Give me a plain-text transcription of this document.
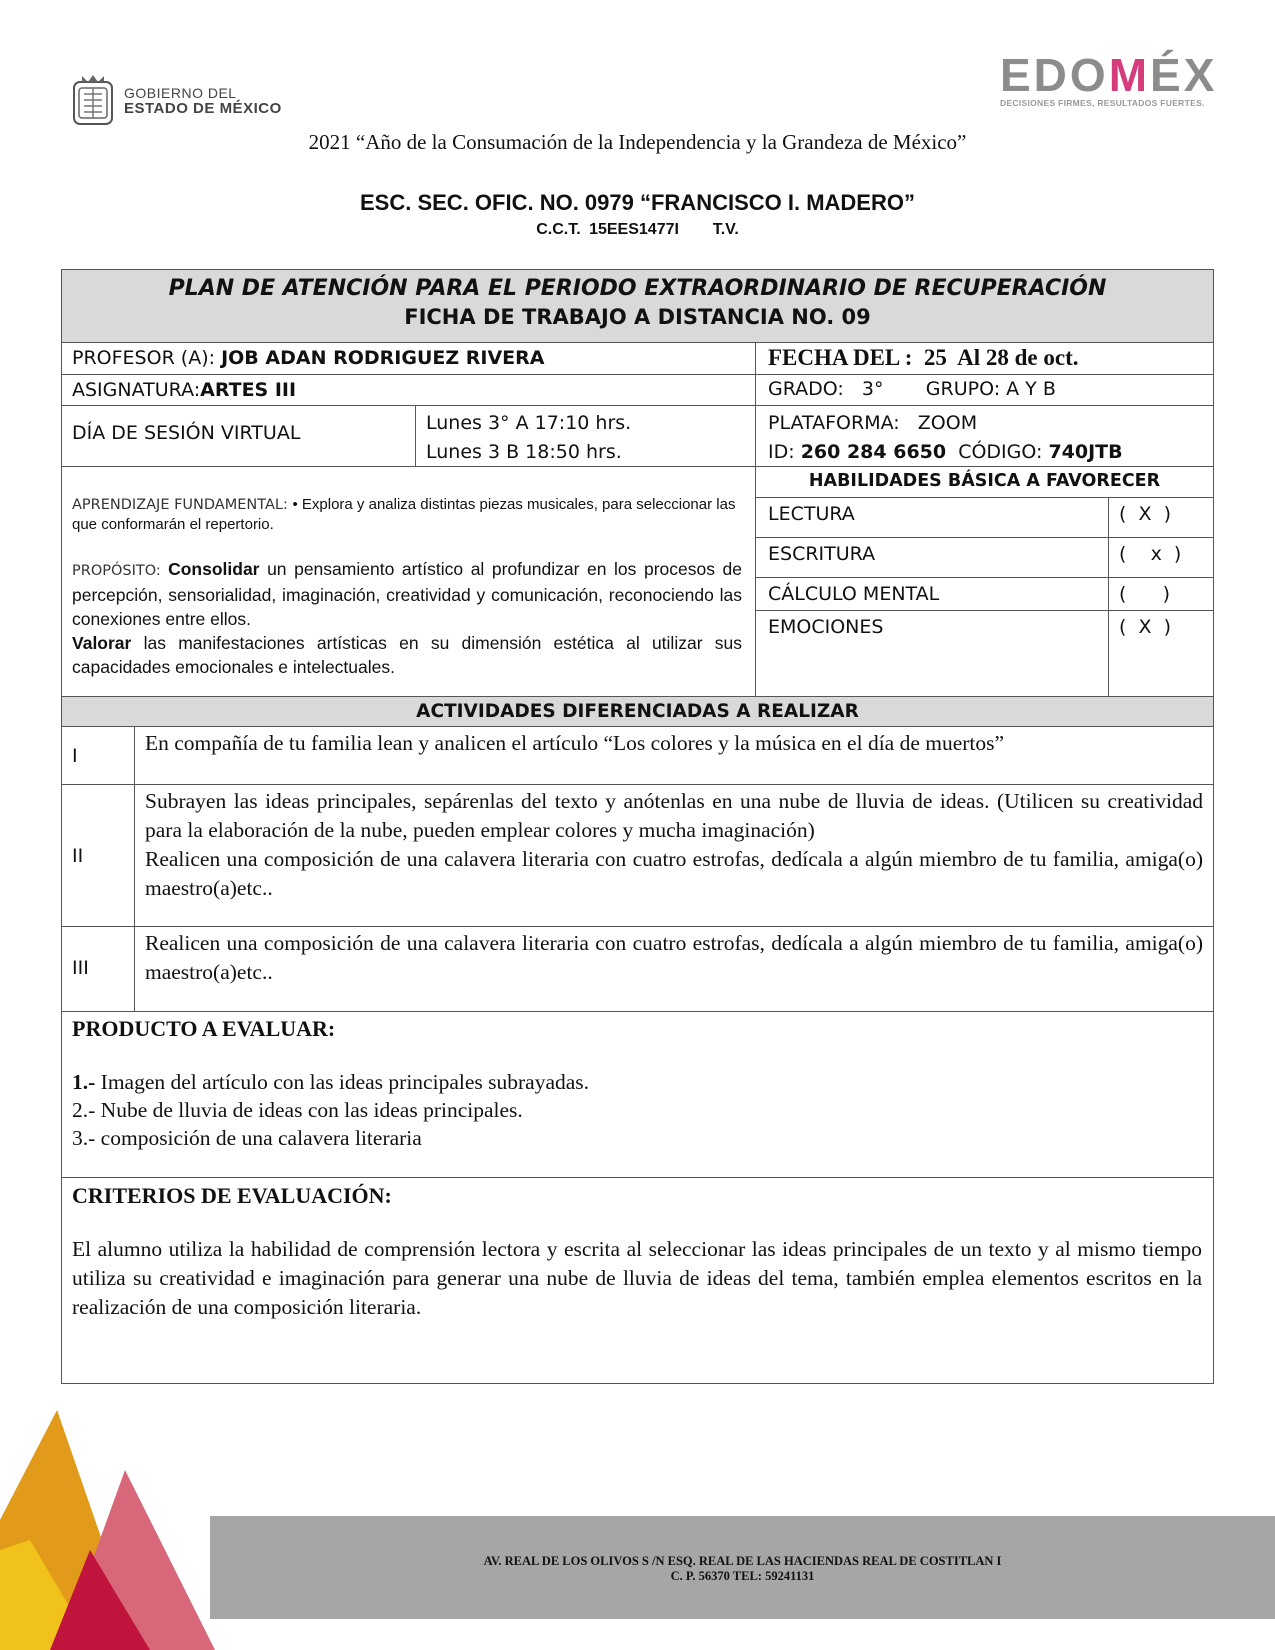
GOBIERNO DEL
ESTADO DE MÉXICO
EDOMÉX
DECISIONES FIRMES, RESULTADOS FUERTES.
2021 “Año de la Consumación de la Independencia y la Grandeza de México”
ESC. SEC. OFIC. NO. 0979 “FRANCISCO I. MADERO”
C.C.T. 15EES1477I    T.V.
PLAN DE ATENCIÓN PARA EL PERIODO EXTRAORDINARIO DE RECUPERACIÓN
FICHA DE TRABAJO A DISTANCIA NO. 09
PROFESOR (A): JOB ADAN RODRIGUEZ RIVERA	FECHA DEL :  25  Al 28 de oct.
ASIGNATURA:ARTES III	GRADO:   3°       GRUPO: A Y B
DÍA DE SESIÓN VIRTUAL	Lunes 3° A 17:10 hrs.
Lunes 3 B 18:50 hrs.
PLATAFORMA:   ZOOM
ID: 260 284 6650  CÓDIGO: 740JTB
APRENDIZAJE FUNDAMENTAL: • Explora y analiza distintas piezas musicales, para seleccionar las que conformarán el repertorio.
PROPÓSITO: Consolidar un pensamiento artístico al profundizar en los procesos de percepción, sensorialidad, imaginación, creatividad y comunicación, reconociendo las conexiones entre ellos.
Valorar las manifestaciones artísticas en su dimensión estética al utilizar sus capacidades emocionales e intelectuales.
HABILIDADES BÁSICA A FAVORECER
LECTURA	(  X  )
ESCRITURA	(    x  )
CÁLCULO MENTAL	(      )
EMOCIONES	(  X  )
ACTIVIDADES DIFERENCIADAS A REALIZAR
I
En compañía de tu familia lean y analicen el artículo “Los colores y la música en el día de muertos”
II
Subrayen las ideas principales, sepárenlas del texto y anótenlas en una nube de lluvia de ideas. (Utilicen su creatividad para la elaboración de la nube, pueden emplear colores y mucha imaginación)
Realicen una composición de una calavera literaria con cuatro estrofas, dedícala a algún miembro de tu familia, amiga(o) maestro(a)etc..
III
Realicen una composición de una calavera literaria con cuatro estrofas, dedícala a algún miembro de tu familia, amiga(o) maestro(a)etc..
PRODUCTO A EVALUAR:
1.- Imagen del artículo con las ideas principales subrayadas.
2.- Nube de lluvia de ideas con las ideas principales.
3.- composición de una calavera literaria
CRITERIOS DE EVALUACIÓN:
El alumno utiliza la habilidad de comprensión lectora y escrita al seleccionar las ideas principales de un texto y al mismo tiempo utiliza su creatividad e imaginación para generar una nube de lluvia de ideas del tema, también emplea elementos escritos en la realización de una composición literaria.
AV. REAL DE LOS OLIVOS S /N ESQ. REAL DE LAS HACIENDAS REAL DE COSTITLAN I
C. P. 56370 TEL: 59241131
